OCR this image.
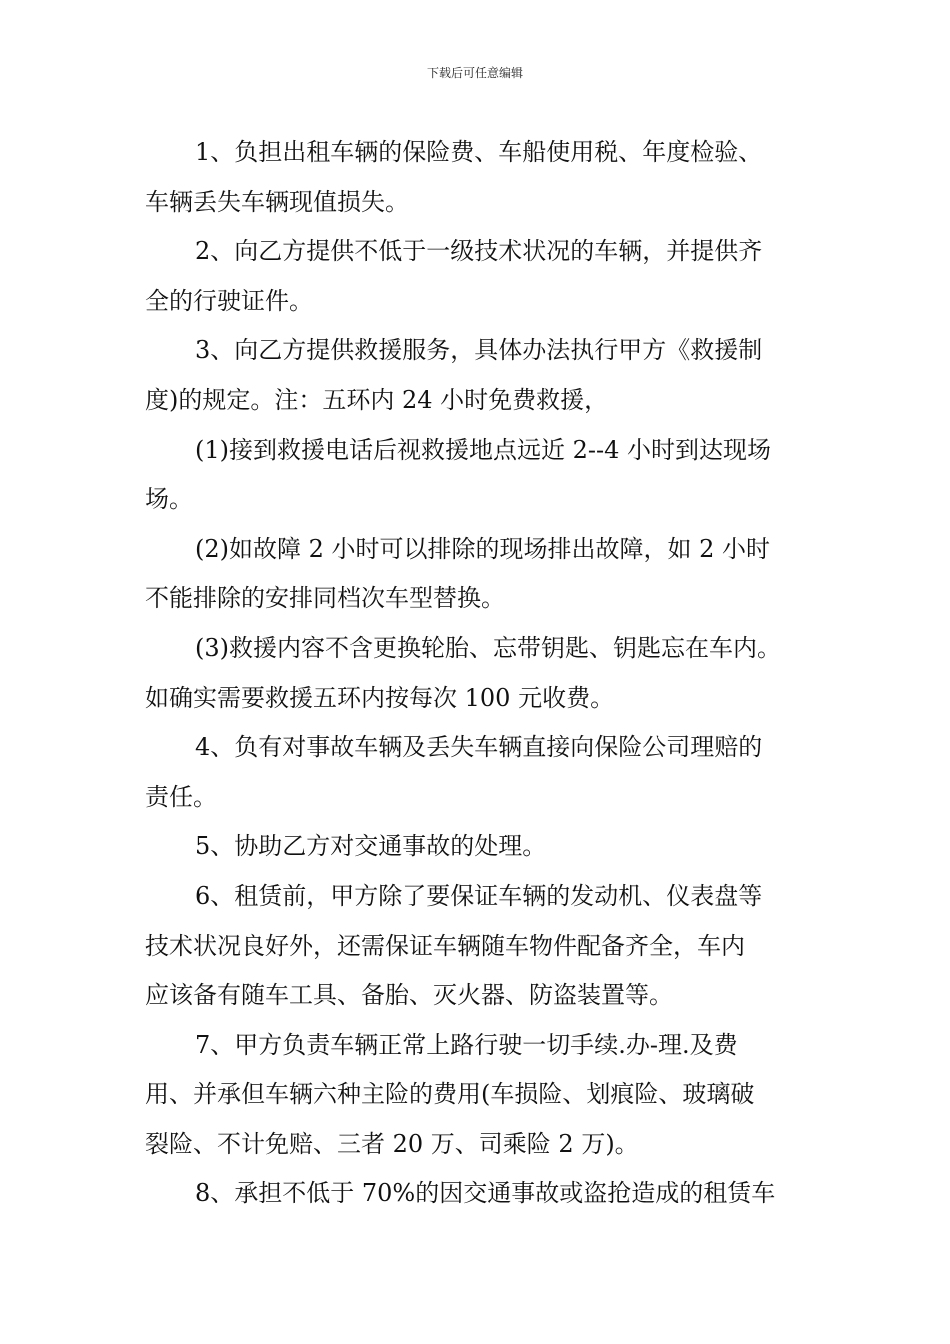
下载后可任意编辑
1、负担出租车辆的保险费、车船使用税、年度检验、
车辆丢失车辆现值损失。
2、向乙方提供不低于一级技术状况的车辆，并提供齐
全的行驶证件。
3、向乙方提供救援服务，具体办法执行甲方《救援制
度)的规定。注：五环内 24 小时免费救援，
(1)接到救援电话后视救援地点远近 2--4 小时到达现场
场。
(2)如故障 2 小时可以排除的现场排出故障，如 2 小时
不能排除的安排同档次车型替换。
(3)救援内容不含更换轮胎、忘带钥匙、钥匙忘在车内。
如确实需要救援五环内按每次 100 元收费。
4、负有对事故车辆及丢失车辆直接向保险公司理赔的
责任。
5、协助乙方对交通事故的处理。
6、租赁前，甲方除了要保证车辆的发动机、仪表盘等
技术状况良好外，还需保证车辆随车物件配备齐全，车内
应该备有随车工具、备胎、灭火器、防盗装置等。
7、甲方负责车辆正常上路行驶一切手续.办-理.及费
用、并承但车辆六种主险的费用(车损险、划痕险、玻璃破
裂险、不计免赔、三者 20 万、司乘险 2 万)。
8、承担不低于 70%的因交通事故或盗抢造成的租赁车
